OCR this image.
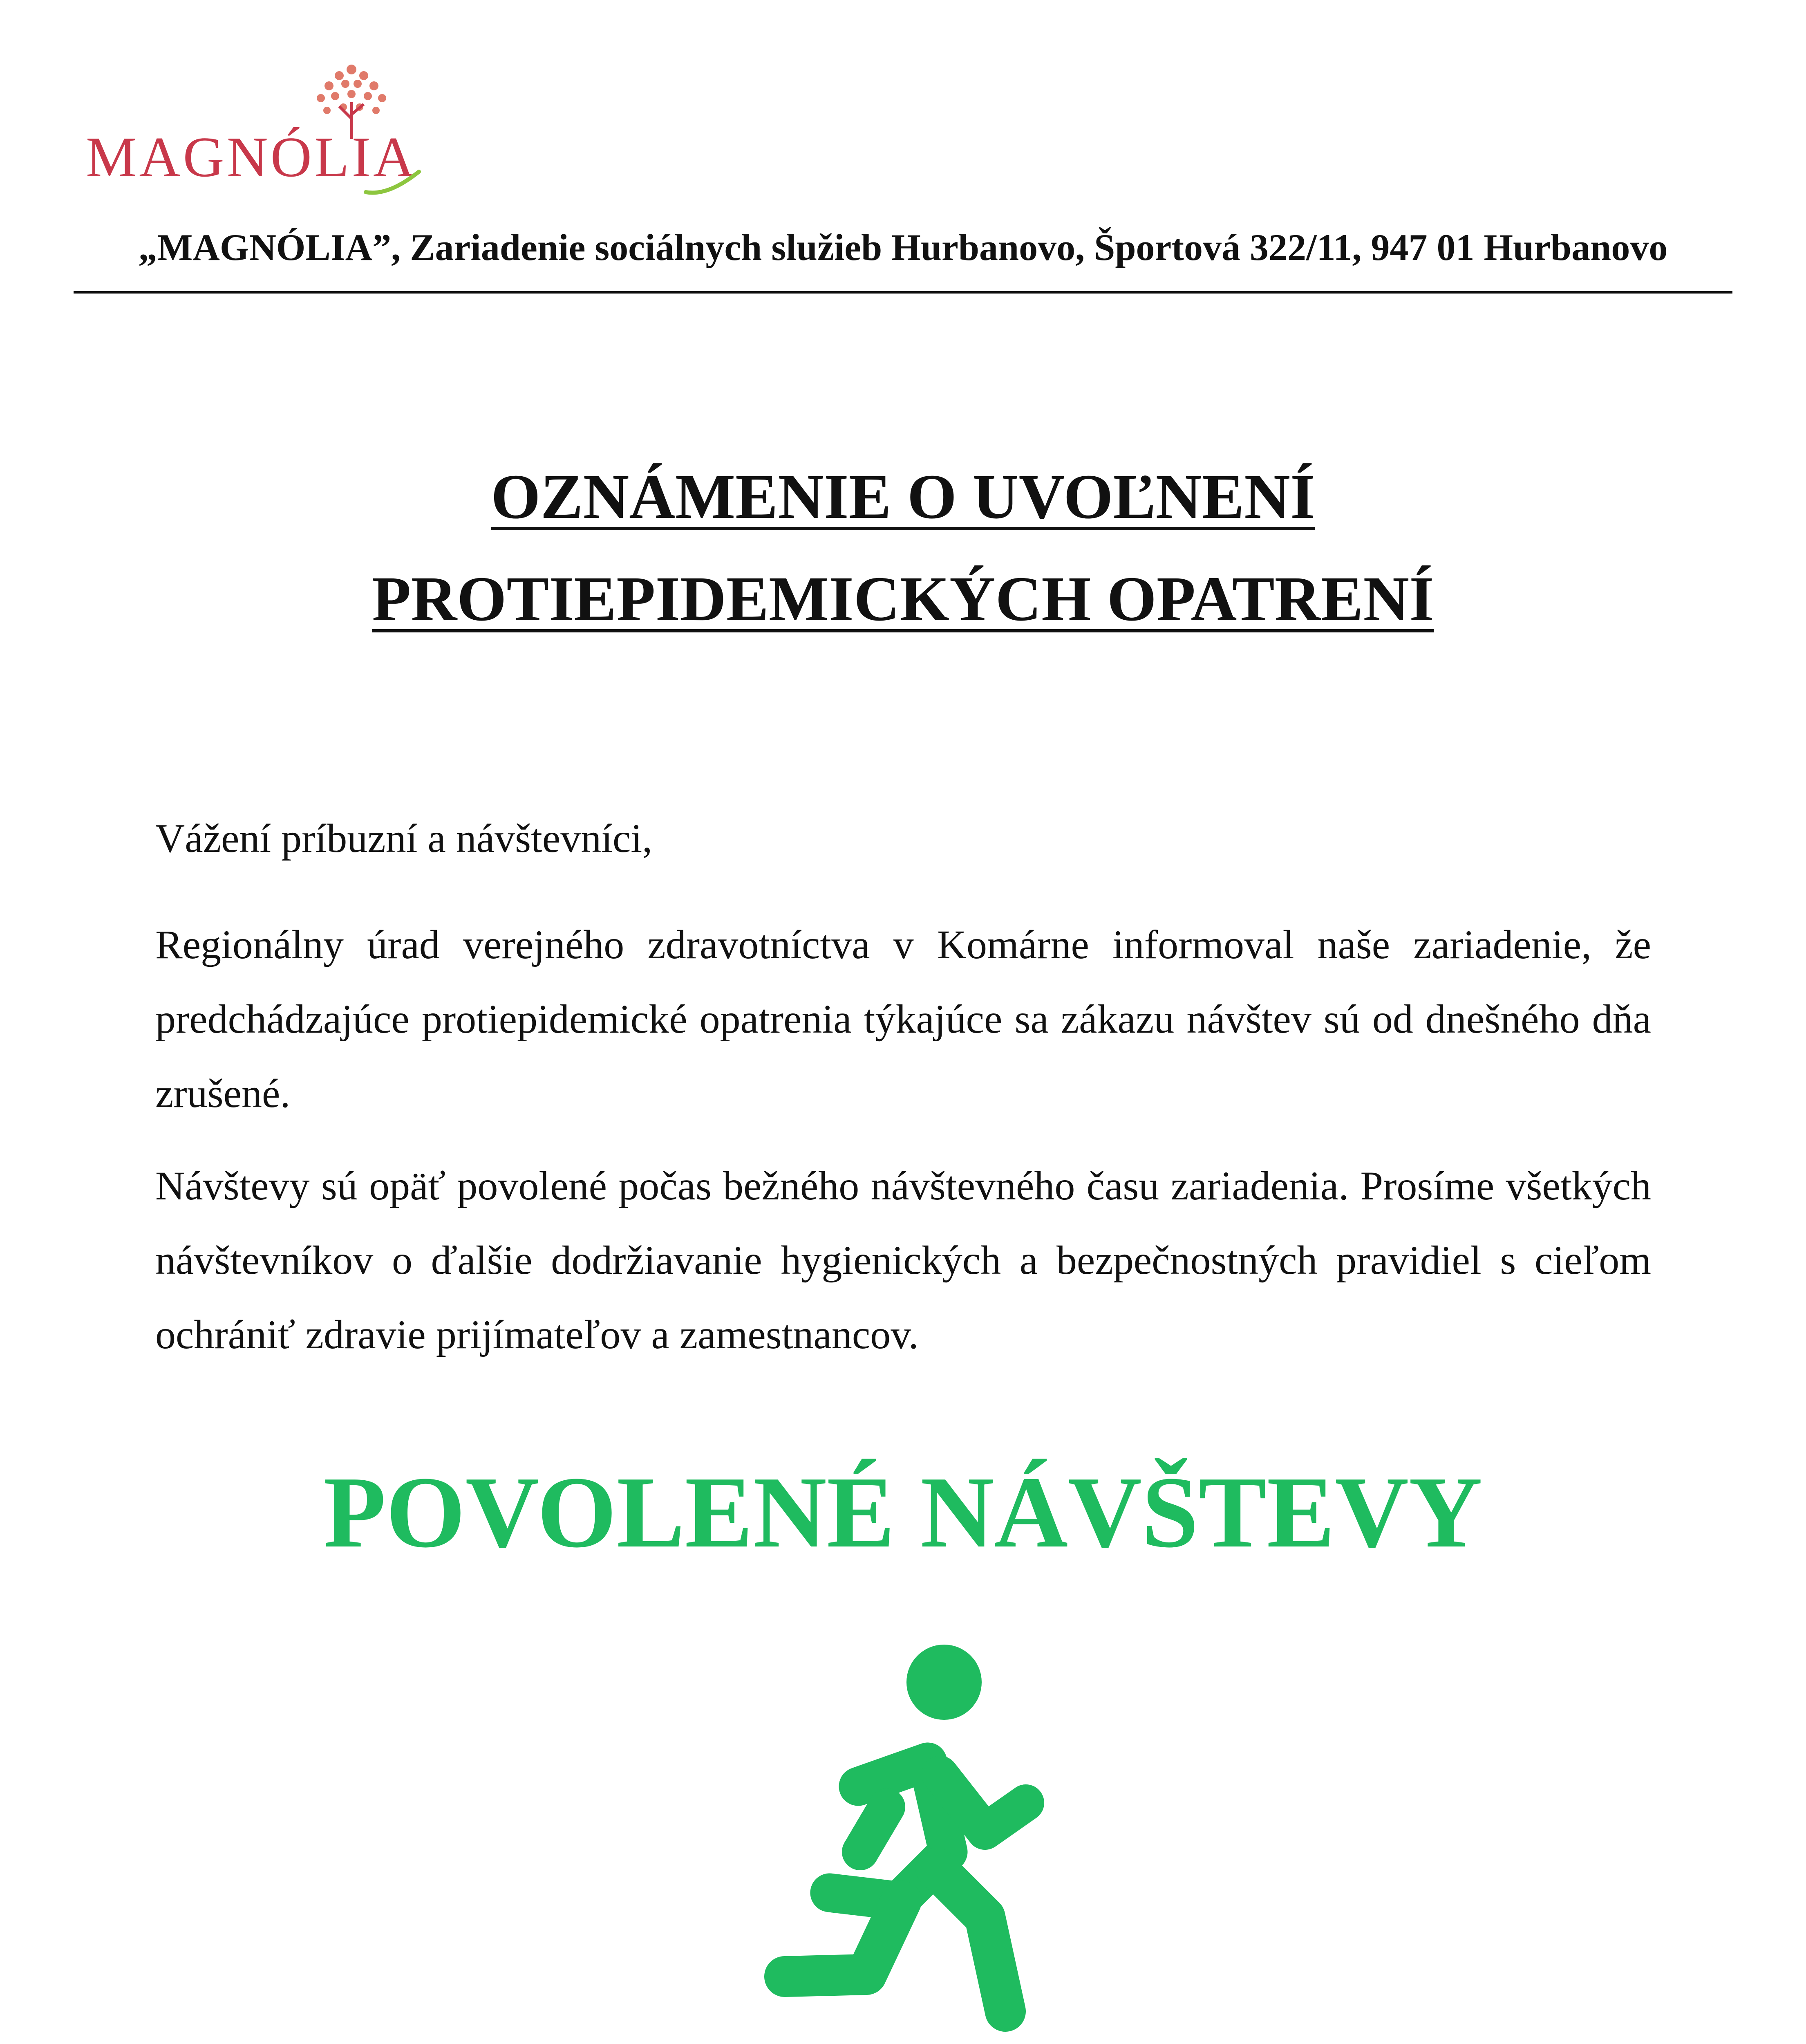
MAGNÓLIA
„MAGNÓLIA”, Zariadenie sociálnych služieb Hurbanovo, Športová 322/11, 947 01 Hurbanovo
OZNÁMENIE O UVOĽNENÍ
PROTIEPIDEMICKÝCH OPATRENÍ
Vážení príbuzní a návštevníci,
Regionálny úrad verejného zdravotníctva v Komárne informoval naše zariadenie, že predchádzajúce protiepidemické opatrenia týkajúce sa zákazu návštev sú od dnešného dňa zrušené.
Návštevy sú opäť povolené počas bežného návštevného času zariadenia. Prosíme všetkých návštevníkov o ďalšie dodržiavanie hygienických a bezpečnostných pravidiel s cieľom ochrániť zdravie prijímateľov a zamestnancov.
POVOLENÉ NÁVŠTEVY
